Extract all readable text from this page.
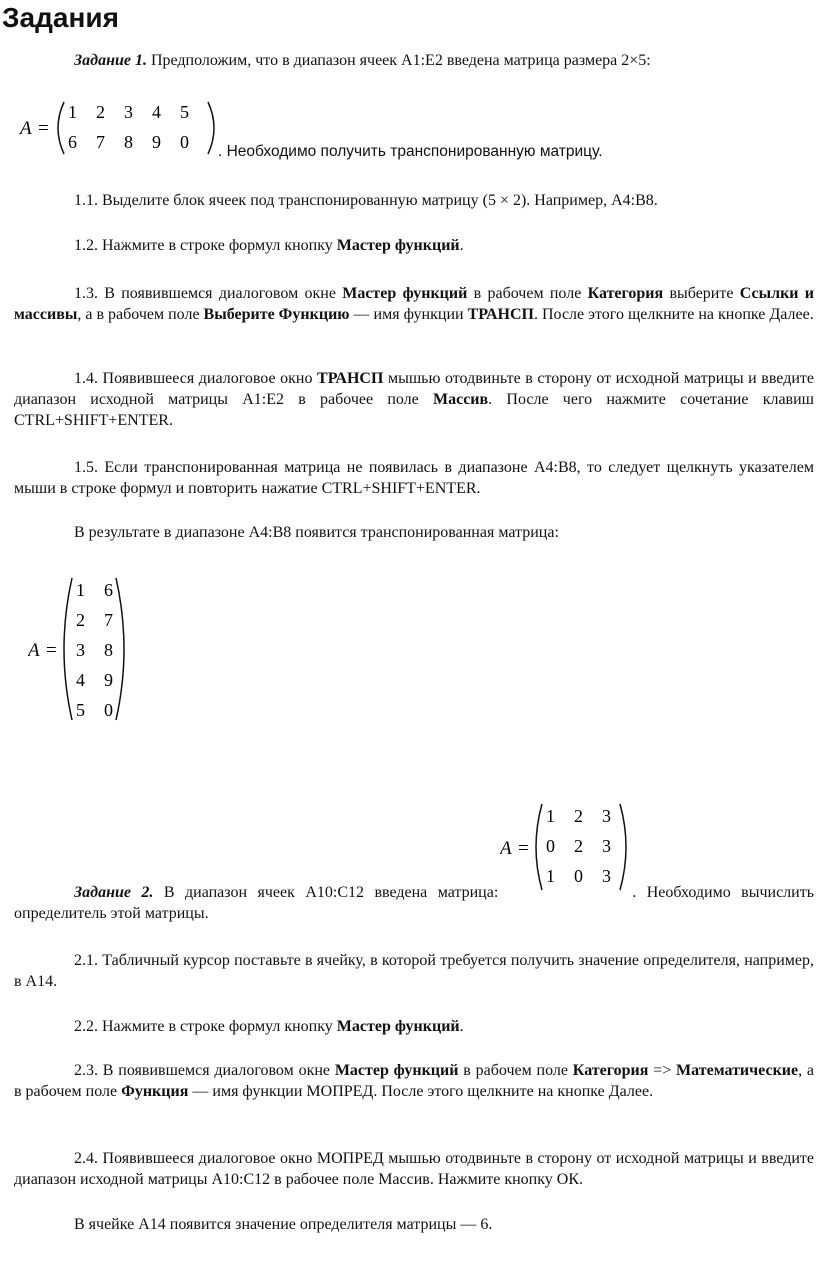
Задания

Задание 1. Предположим, что в диапазон ячеек А1:Е2 введена матрица размера 2×5:

A =
1 2 3 4 5
6 7 8 9 0 . Необходимо получить транспонированную матрицу.

1.1. Выделите блок ячеек под транспонированную матрицу (5 × 2). Например, А4:В8.

1.2. Нажмите в строке формул кнопку Мастер функций.

1.3. В появившемся диалоговом окне Мастер функций в рабочем поле Категория выберите Ссылки и массивы, а в рабочем поле Выберите Функцию — имя функции ТРАНСП. После этого щелкните на кнопке Далее.

1.4. Появившееся диалоговое окно ТРАНСП мышью отодвиньте в сторону от исходной матрицы и введите диапазон исходной матрицы А1:Е2 в рабочее поле Массив. После чего нажмите сочетание клавиш CTRL+SHIFT+ENTER.

1.5. Если транспонированная матрица не появилась в диапазоне А4:В8, то следует щелкнуть указателем мыши в строке формул и повторить нажатие CTRL+SHIFT+ENTER.

В результате в диапазоне А4:В8 появится транспонированная матрица:

A =
1 6
2 7
3 8
4 9
5 0
A =
1 2 3
0 2 3
1 0 3

Задание 2. В диапазон ячеек А10:С12 введена матрица:	. Необходимо вычислить определитель этой матрицы.

2.1. Табличный курсор поставьте в ячейку, в которой требуется получить значение определителя, например, в А14.

2.2. Нажмите в строке формул кнопку Мастер функций.

2.3. В появившемся диалоговом окне Мастер функций в рабочем поле Категория => Математические, а в рабочем поле Функция — имя функции МОПРЕД. После этого щелкните на кнопке Далее.

2.4. Появившееся диалоговое окно МОПРЕД мышью отодвиньте в сторону от исходной матрицы и введите диапазон исходной матрицы А10:С12 в рабочее поле Массив. Нажмите кнопку ОК.

В ячейке А14 появится значение определителя матрицы — 6.
